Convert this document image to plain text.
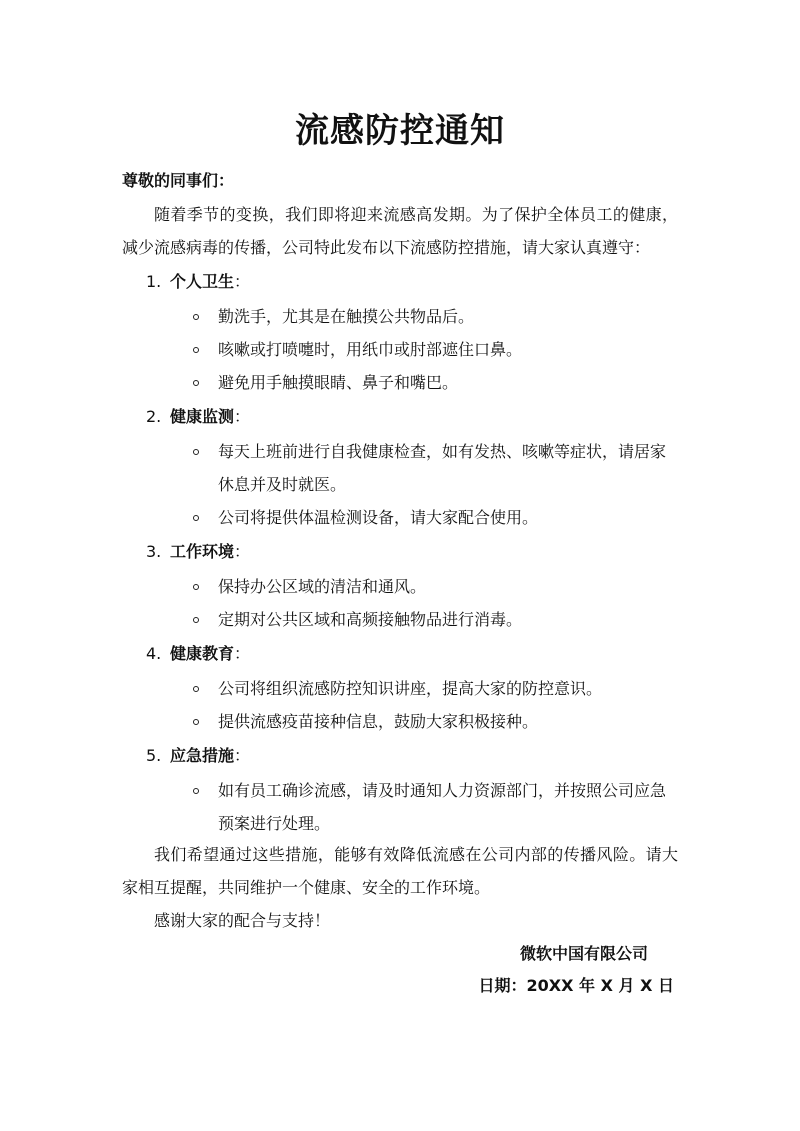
流感防控通知
尊敬的同事们：
随着季节的变换，我们即将迎来流感高发期。为了保护全体员工的健康，减少流感病毒的传播，公司特此发布以下流感防控措施，请大家认真遵守：
1. 个人卫生：
勤洗手，尤其是在触摸公共物品后。
咳嗽或打喷嚏时，用纸巾或肘部遮住口鼻。
避免用手触摸眼睛、鼻子和嘴巴。
2. 健康监测：
每天上班前进行自我健康检查，如有发热、咳嗽等症状，请居家休息并及时就医。
公司将提供体温检测设备，请大家配合使用。
3. 工作环境：
保持办公区域的清洁和通风。
定期对公共区域和高频接触物品进行消毒。
4. 健康教育：
公司将组织流感防控知识讲座，提高大家的防控意识。
提供流感疫苗接种信息，鼓励大家积极接种。
5. 应急措施：
如有员工确诊流感，请及时通知人力资源部门，并按照公司应急预案进行处理。
我们希望通过这些措施，能够有效降低流感在公司内部的传播风险。请大家相互提醒，共同维护一个健康、安全的工作环境。
感谢大家的配合与支持！
微软中国有限公司
日期：20XX 年 X 月 X 日
